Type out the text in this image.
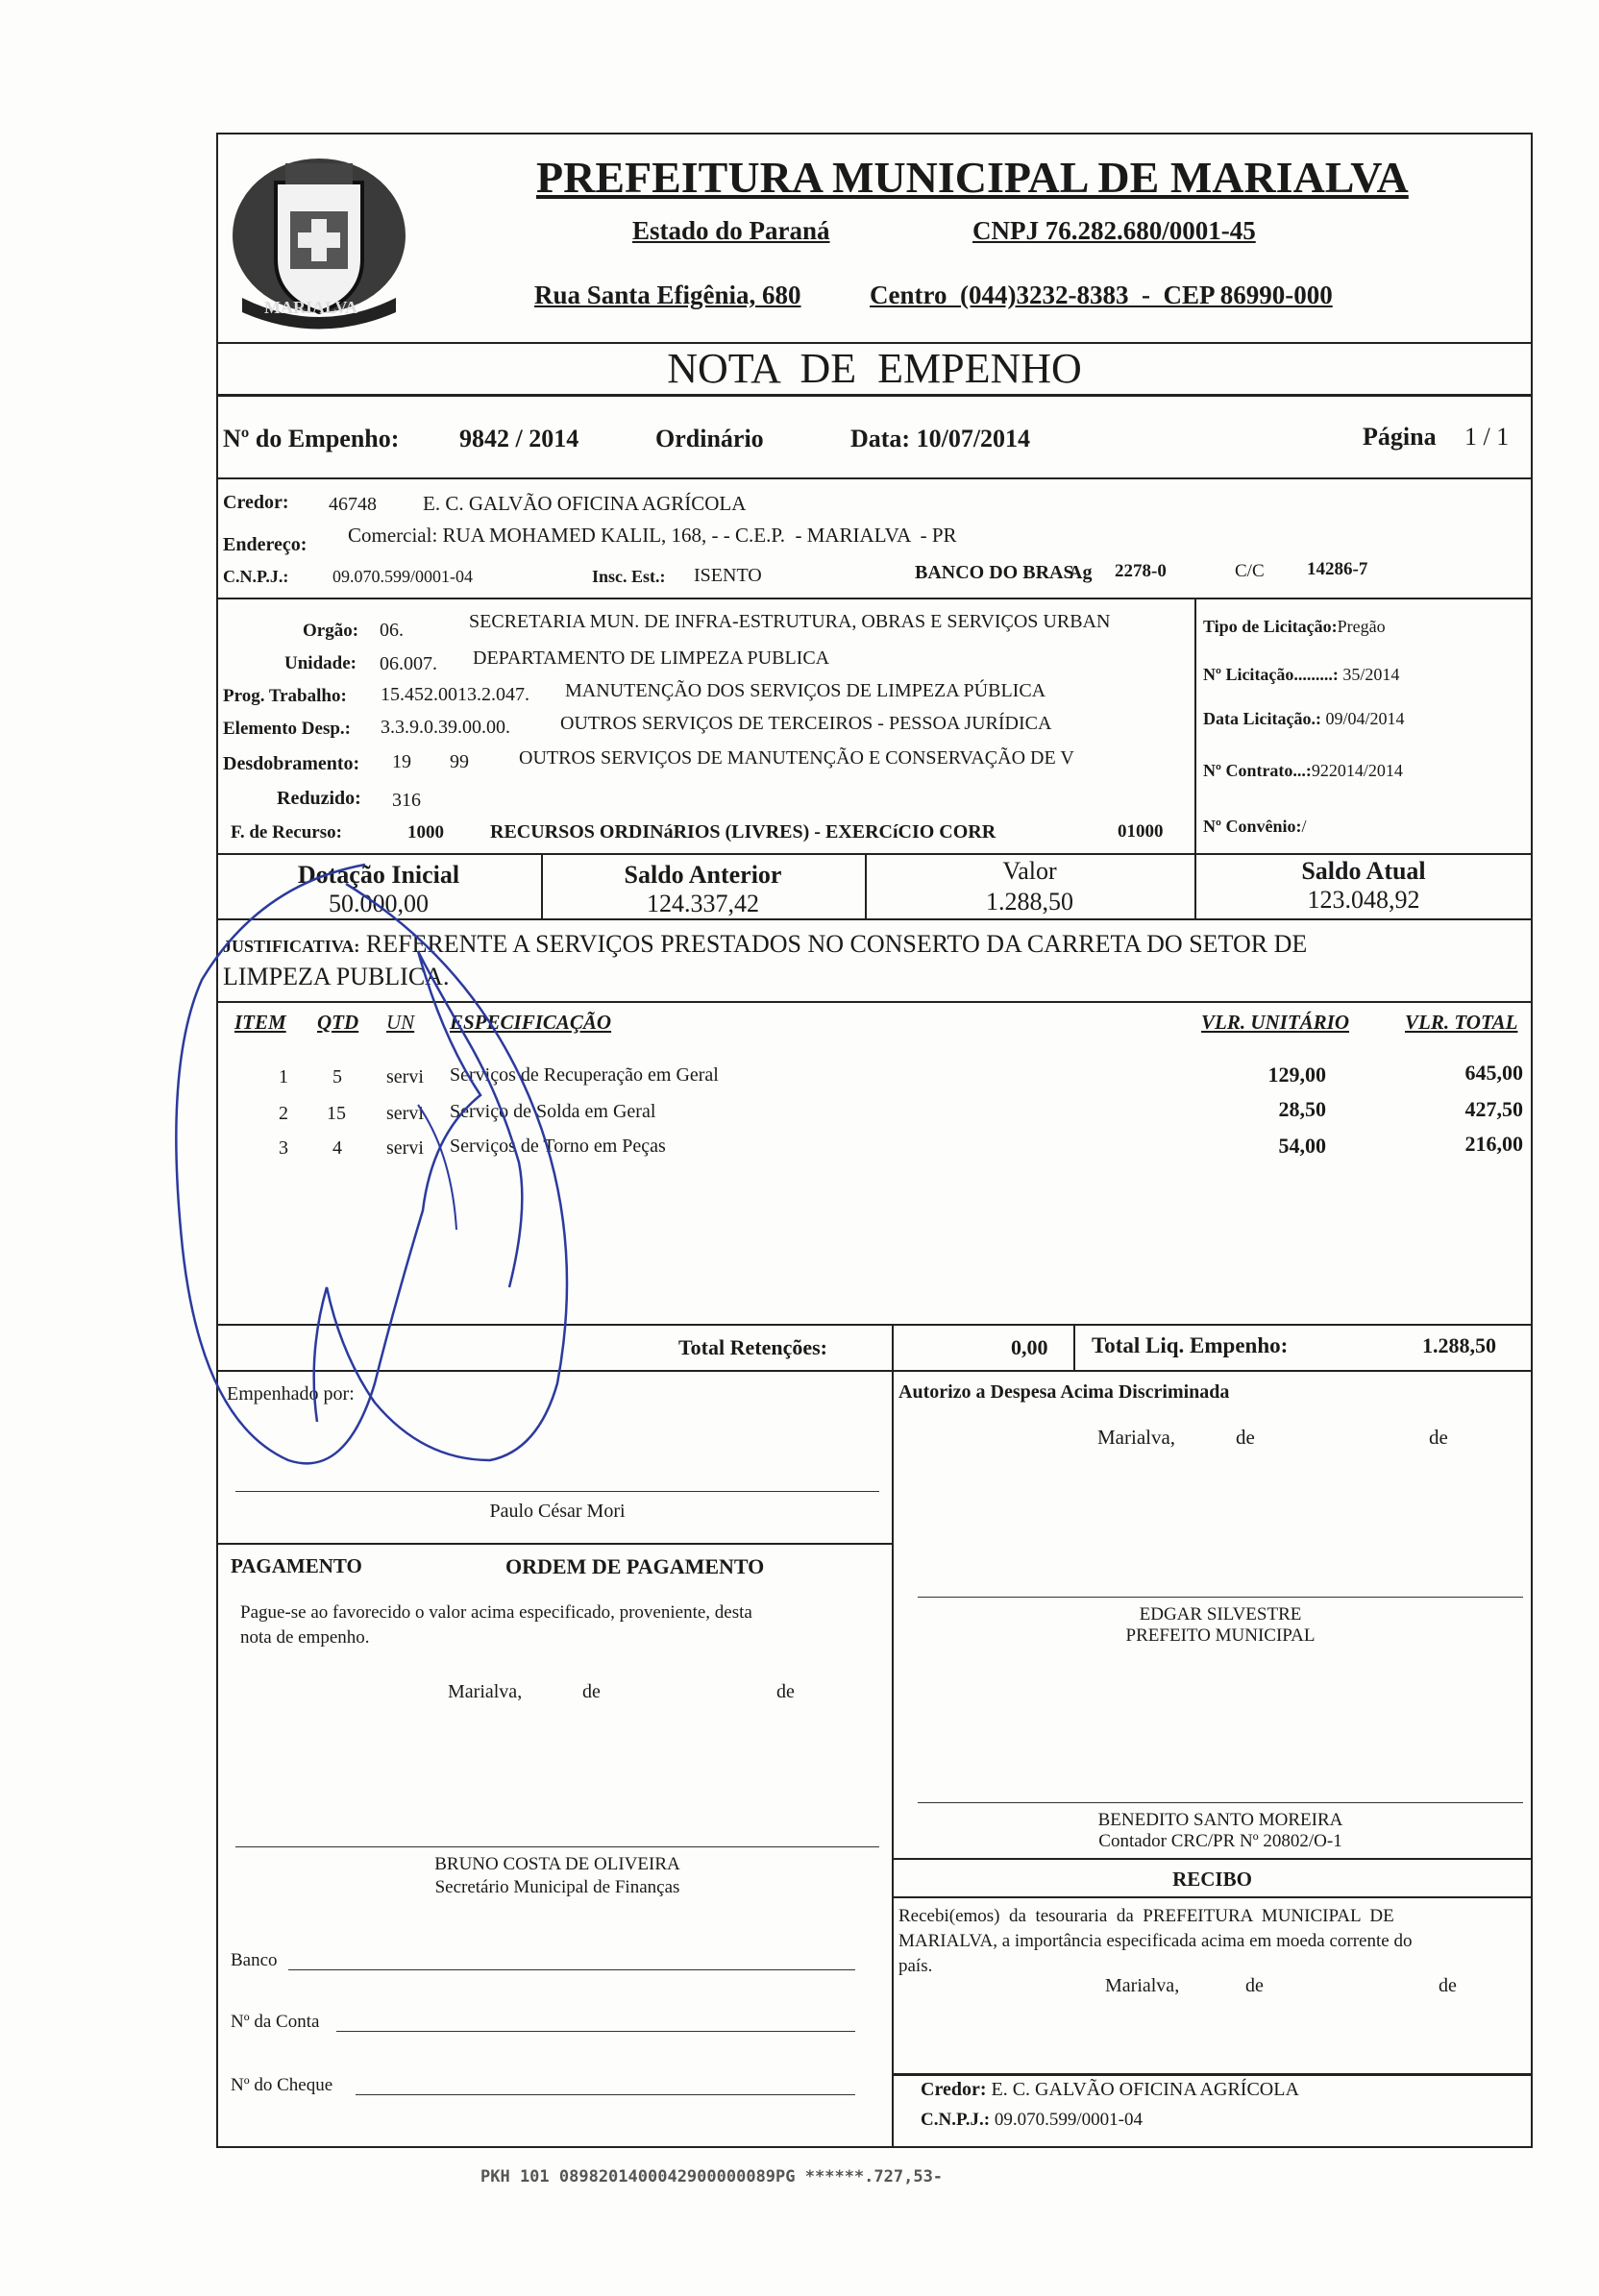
MARIALVA
PREFEITURA MUNICIPAL DE MARIALVA
Estado do Paraná	CNPJ 76.282.680/0001-45
Rua Santa Efigênia, 680	Centro  (044)3232-8383  -  CEP 86990-000
NOTA  DE  EMPENHO
Nº do Empenho: 9842 / 2014	Ordinário	Data: 10/07/2014	Página 1 / 1
Credor: 46748 E. C. GALVÃO OFICINA AGRÍCOLA
Endereço: Comercial: RUA MOHAMED KALIL, 168, - - C.E.P.  - MARIALVA  - PR
C.N.P.J.:	09.070.599/0001-04	Insc. Est.: ISENTO	BANCO DO BRAS
Ag 2278-0	C/C 14286-7
Orgão: 06.	SECRETARIA MUN. DE INFRA-ESTRUTURA, OBRAS E SERVIÇOS URBAN
Unidade: 06.007. DEPARTAMENTO DE LIMPEZA PUBLICA
Prog. Trabalho: 15.452.0013.2.047. MANUTENÇÃO DOS SERVIÇOS DE LIMPEZA PÚBLICA
Elemento Desp.: 3.3.9.0.39.00.00.	OUTROS SERVIÇOS DE TERCEIROS - PESSOA JURÍDICA
Desdobramento: 19 99	OUTROS SERVIÇOS DE MANUTENÇÃO E CONSERVAÇÃO DE V
Reduzido: 316
F. de Recurso:	1000 RECURSOS ORDINáRIOS (LIVRES) - EXERCíCIO CORR	01000
Tipo de Licitação:Pregão
Nº Licitação.........: 35/2014
Data Licitação.: 09/04/2014
Nº Contrato...:922014/2014
Nº Convênio:/
Dotação Inicial
50.000,00
Saldo Anterior
124.337,42
Valor
1.288,50
Saldo Atual
123.048,92
JUSTIFICATIVA: REFERENTE A SERVIÇOS PRESTADOS NO CONSERTO DA CARRETA DO SETOR DE
LIMPEZA PUBLICA.
ITEM QTD UN ESPECIFICAÇÃO	VLR. UNITÁRIO	VLR. TOTAL
1 5 servi Serviços de Recuperação em Geral	129,00	645,00
2 15 servi Serviço de Solda em Geral	28,50	427,50
3 4 servi Serviços de Torno em Peças	54,00	216,00
Total Retenções:	0,00 Total Liq. Empenho:	1.288,50
Empenhado por:
Paulo César Mori
Autorizo a Despesa Acima Discriminada
Marialva,	de	de
PAGAMENTO	ORDEM DE PAGAMENTO
Pague-se ao favorecido o valor acima especificado, proveniente, desta
nota de empenho.
Marialva,	de	de
BRUNO COSTA DE OLIVEIRA
Secretário Municipal de Finanças
Banco
Nº da Conta
Nº do Cheque
EDGAR SILVESTRE
PREFEITO MUNICIPAL
BENEDITO SANTO MOREIRA
Contador CRC/PR Nº 20802/O-1
RECIBO
Recebi(emos)  da  tesouraria  da  PREFEITURA  MUNICIPAL  DE
MARIALVA, a importância especificada acima em moeda corrente do
país.
Marialva,	de	de
Credor: E. C. GALVÃO OFICINA AGRÍCOLA
C.N.P.J.: 09.070.599/0001-04
PKH 101 0898201400042900000089PG ******.727,53-
